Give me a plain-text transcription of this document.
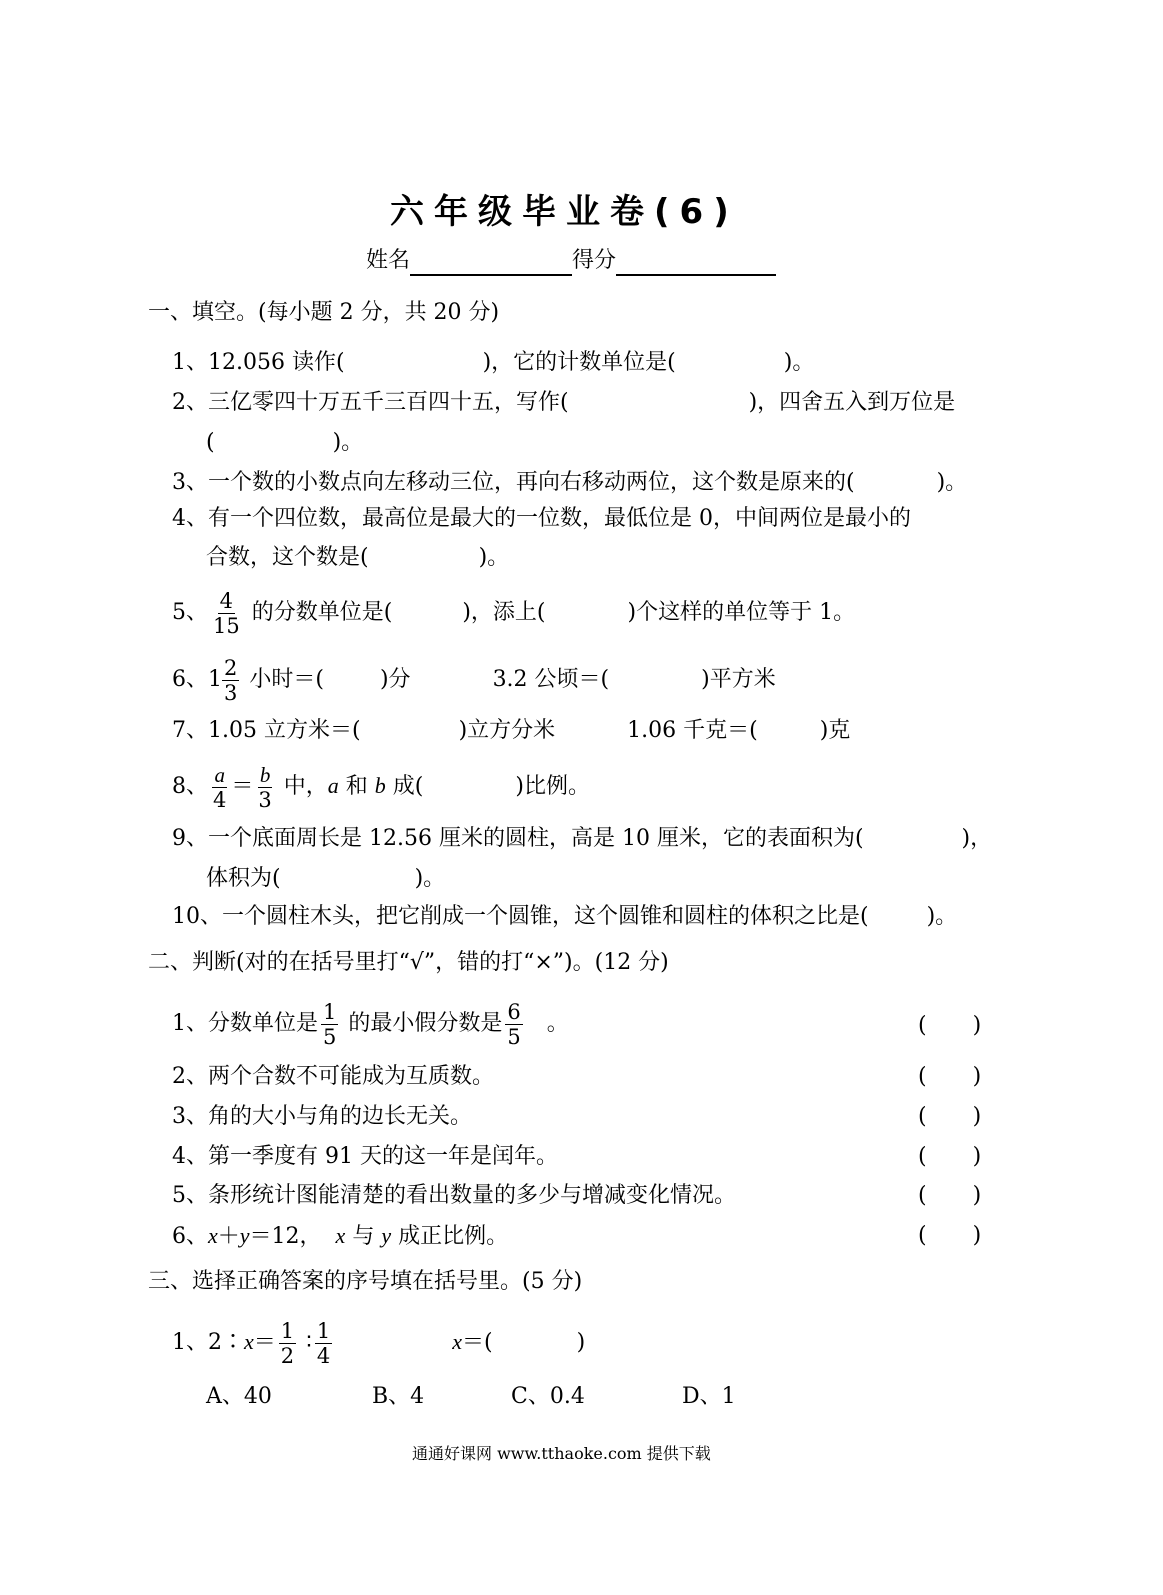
六年级毕业卷(6)
姓名	得分
一、填空。(每小题 2 分，共 20 分)
1、12.056 读作(	)，它的计数单位是(	)。
2、三亿零四十万五千三百四十五，写作(	)，四舍五入到万位是
(	)。
3、一个数的小数点向左移动三位，再向右移动两位，这个数是原来的(	)。
4、有一个四位数，最高位是最大的一位数，最低位是 0，中间两位是最小的
合数，这个数是(	)。
5、 $\frac{4}{15}$ 的分数单位是(	)，添上(	)个这样的单位等于 1。
6、$1 \frac{2}{3}$ 小时＝(	)分	3.2 公顷＝(	)平方米
7、1.05 立方米＝(	)立方分米	1.06 千克＝(	)克
8、 $\frac{a}{4} = \frac{b}{3}$ 中，a 和 b 成(	)比例。
9、一个底面周长是 12.56 厘米的圆柱，高是 10 厘米，它的表面积为(	)，
体积为(	)。
10、一个圆柱木头，把它削成一个圆锥，这个圆锥和圆柱的体积之比是(	)。
二、判断(对的在括号里打“√”，错的打“×”)。(12 分)
1、分数单位是 $\frac{1}{5}$ 的最小假分数是 $\frac{6}{5}$ 。
2、两个合数不可能成为互质数。
3、角的大小与角的边长无关。
4、第一季度有 91 天的这一年是闰年。
5、条形统计图能清楚的看出数量的多少与增减变化情况。
6、x＋y＝12， x 与 y 成正比例。
( )
( )
( )
( )
( )
( )
三、选择正确答案的序号填在括号里。(5 分)
1、2∶x＝ $\frac{1}{2}$ ∶ $\frac{1}{4}$	x＝(	)
A、40	B、4	C、0.4	D、1
通通好课网 www.tthaoke.com 提供下载
